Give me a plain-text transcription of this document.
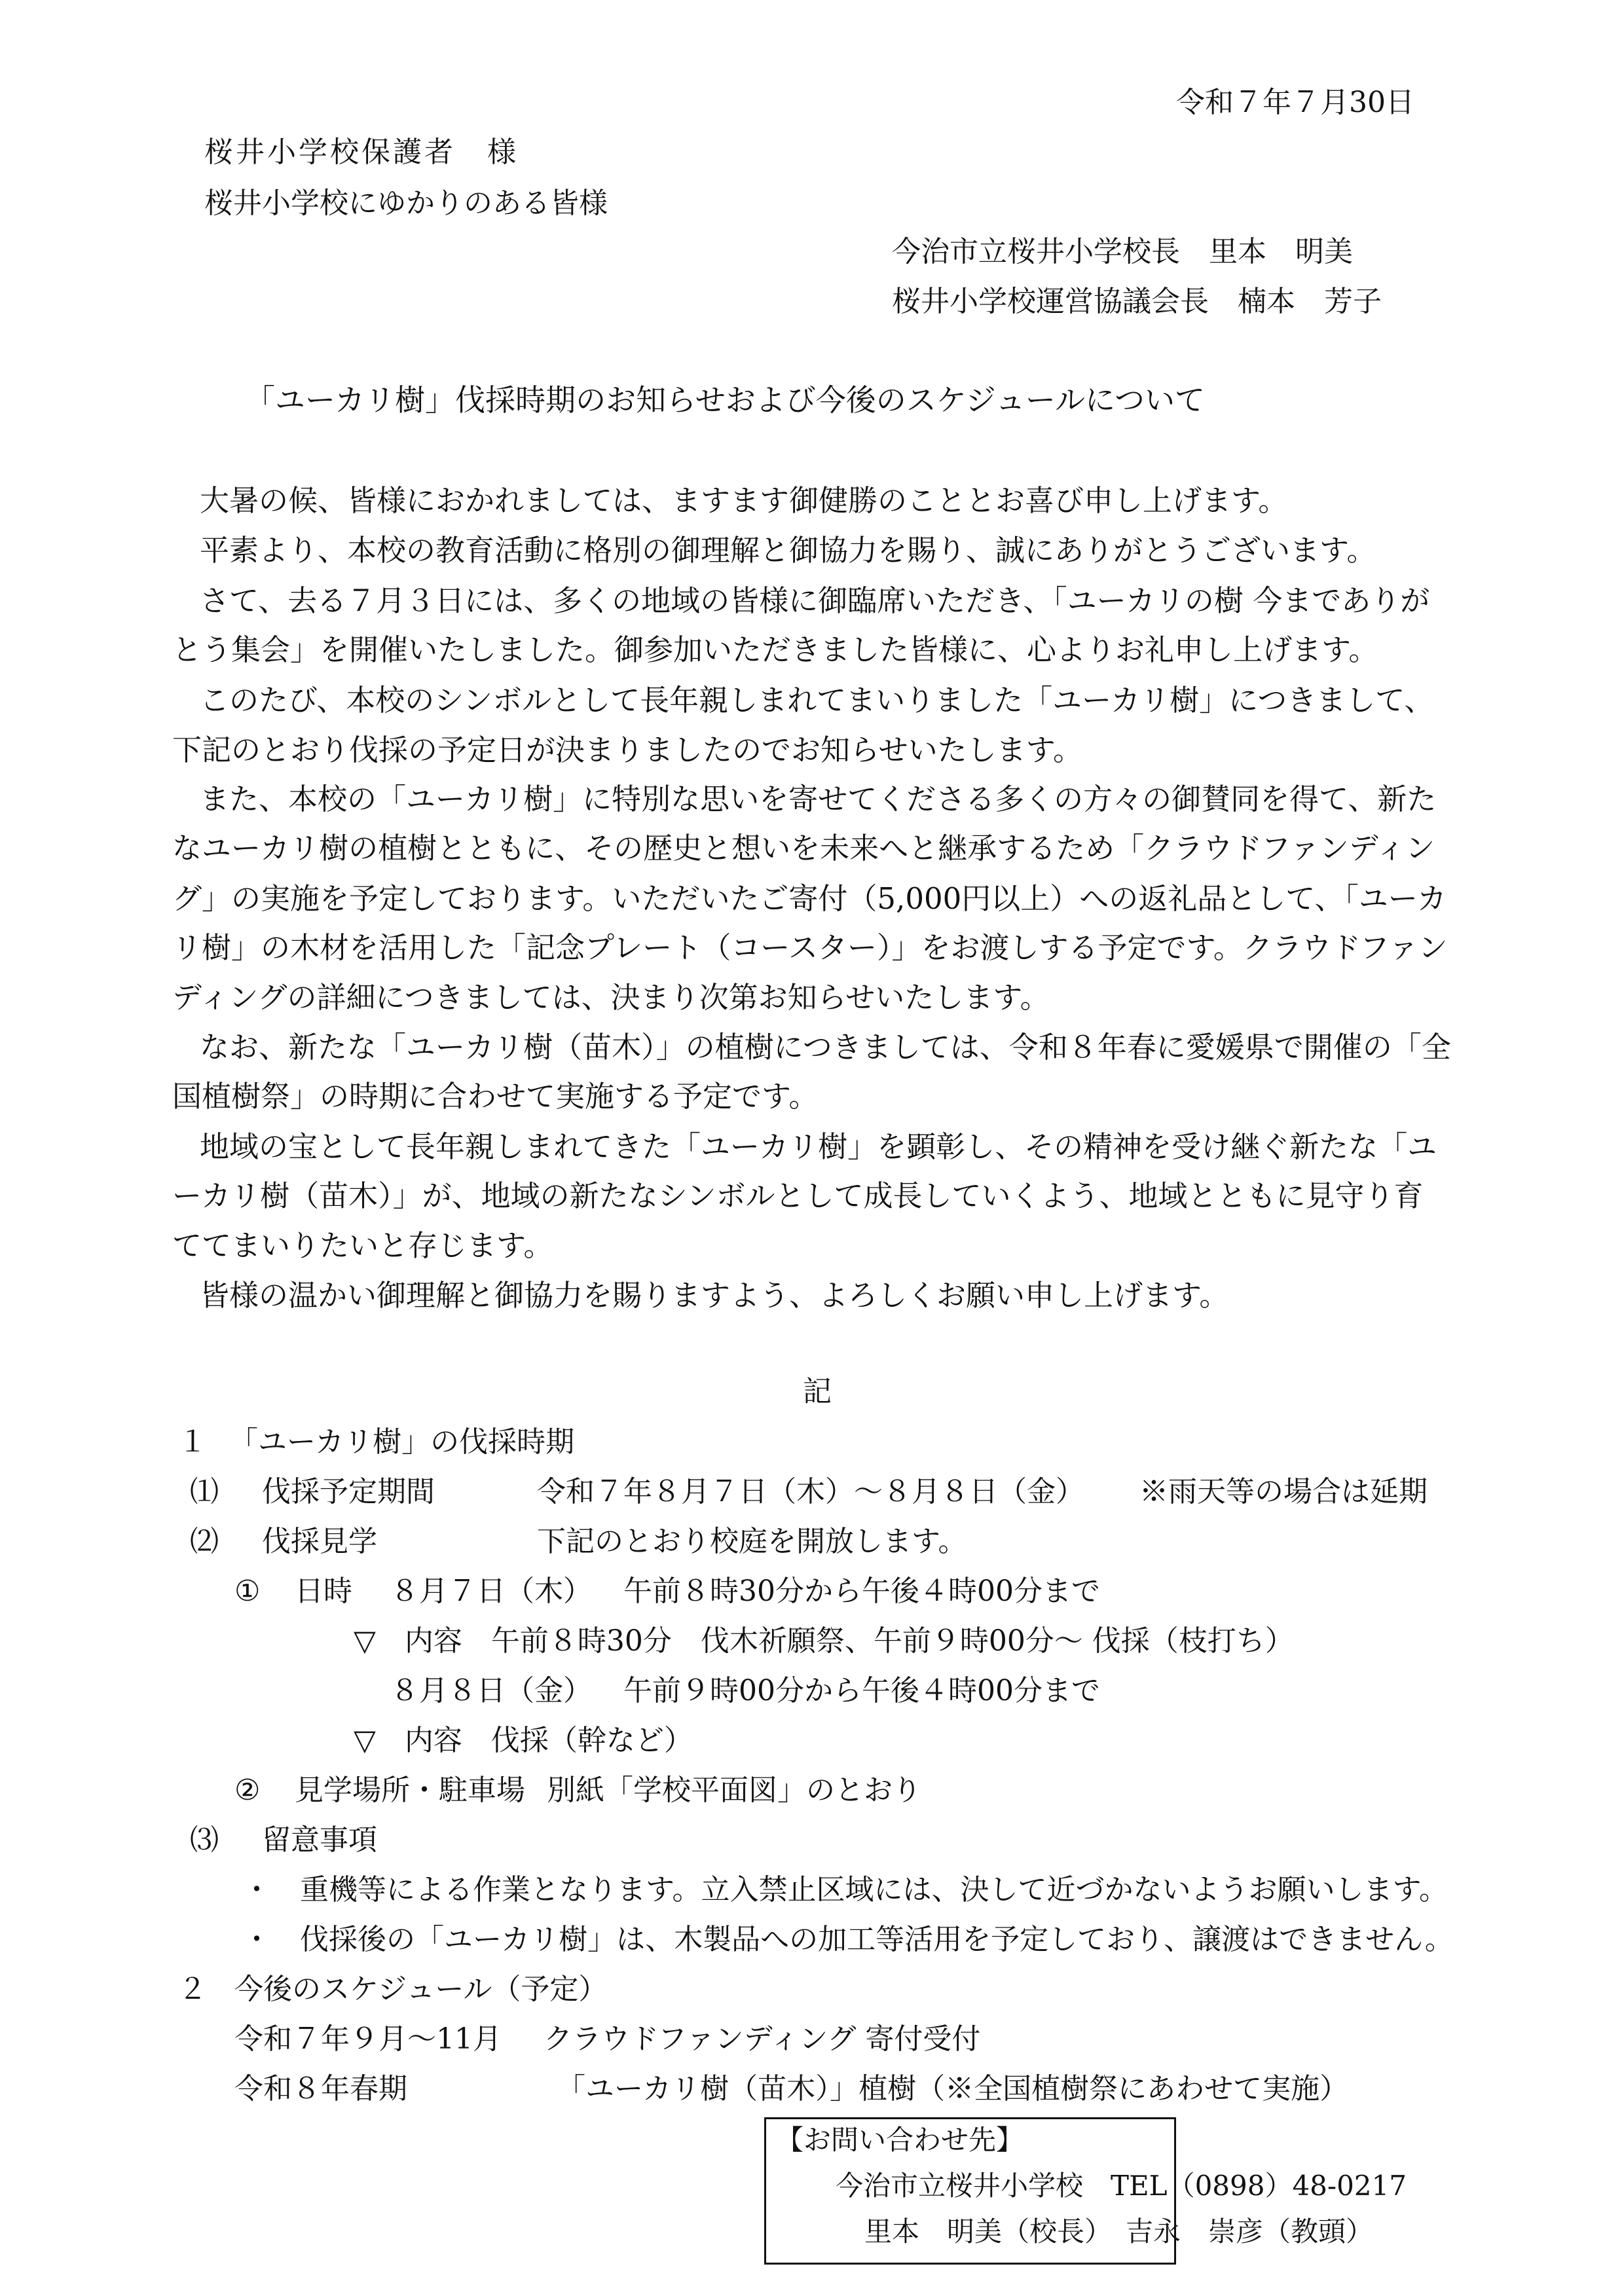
令和７年７月30日
桜井小学校保護者　様
桜井小学校にゆかりのある皆様
今治市立桜井小学校長　里本　明美
桜井小学校運営協議会長　楠本　芳子
「ユーカリ樹」伐採時期のお知らせおよび今後のスケジュールについて
大暑の候、皆様におかれましては、ますます御健勝のこととお喜び申し上げます。
平素より、本校の教育活動に格別の御理解と御協力を賜り、誠にありがとうございます。
さて、去る７月３日には、多くの地域の皆様に御臨席いただき、「ユーカリの樹 今までありが
とう集会」を開催いたしました。御参加いただきました皆様に、心よりお礼申し上げます。
このたび、本校のシンボルとして長年親しまれてまいりました「ユーカリ樹」につきまして、
下記のとおり伐採の予定日が決まりましたのでお知らせいたします。
また、本校の「ユーカリ樹」に特別な思いを寄せてくださる多くの方々の御賛同を得て、新た
なユーカリ樹の植樹とともに、その歴史と想いを未来へと継承するため「クラウドファンディン
グ」の実施を予定しております。いただいたご寄付（5,000円以上）への返礼品として、「ユーカ
リ樹」の木材を活用した「記念プレート（コースター）」をお渡しする予定です。クラウドファン
ディングの詳細につきましては、決まり次第お知らせいたします。
なお、新たな「ユーカリ樹（苗木）」の植樹につきましては、令和８年春に愛媛県で開催の「全
国植樹祭」の時期に合わせて実施する予定です。
地域の宝として長年親しまれてきた「ユーカリ樹」を顕彰し、その精神を受け継ぐ新たな「ユ
ーカリ樹（苗木）」が、地域の新たなシンボルとして成長していくよう、地域とともに見守り育
ててまいりたいと存じます。
皆様の温かい御理解と御協力を賜りますよう、よろしくお願い申し上げます。
記
１ 「ユーカリ樹」の伐採時期
⑴ 伐採予定期間	令和７年８月７日（木）～８月８日（金） ※雨天等の場合は延期
⑵ 伐採見学	下記のとおり校庭を開放します。
① 日時 ８月７日（木） 午前８時30分から午後４時00分まで
▽　内容　午前８時30分　伐木祈願祭、午前９時00分～ 伐採（枝打ち）
８月８日（金） 午前９時00分から午後４時00分まで
▽　内容　伐採（幹など）
② 見学場所・駐車場 別紙「学校平面図」のとおり
⑶ 留意事項
・　重機等による作業となります。立入禁止区域には、決して近づかないようお願いします。
・　伐採後の「ユーカリ樹」は、木製品への加工等活用を予定しており、譲渡はできません。
２ 今後のスケジュール（予定）
令和７年９月～11月 クラウドファンディング 寄付受付
令和８年春期	「ユーカリ樹（苗木）」植樹（※全国植樹祭にあわせて実施）
【お問い合わせ先】
今治市立桜井小学校　TEL（0898）48-0217
里本　明美（校長）　吉永　崇彦（教頭）
